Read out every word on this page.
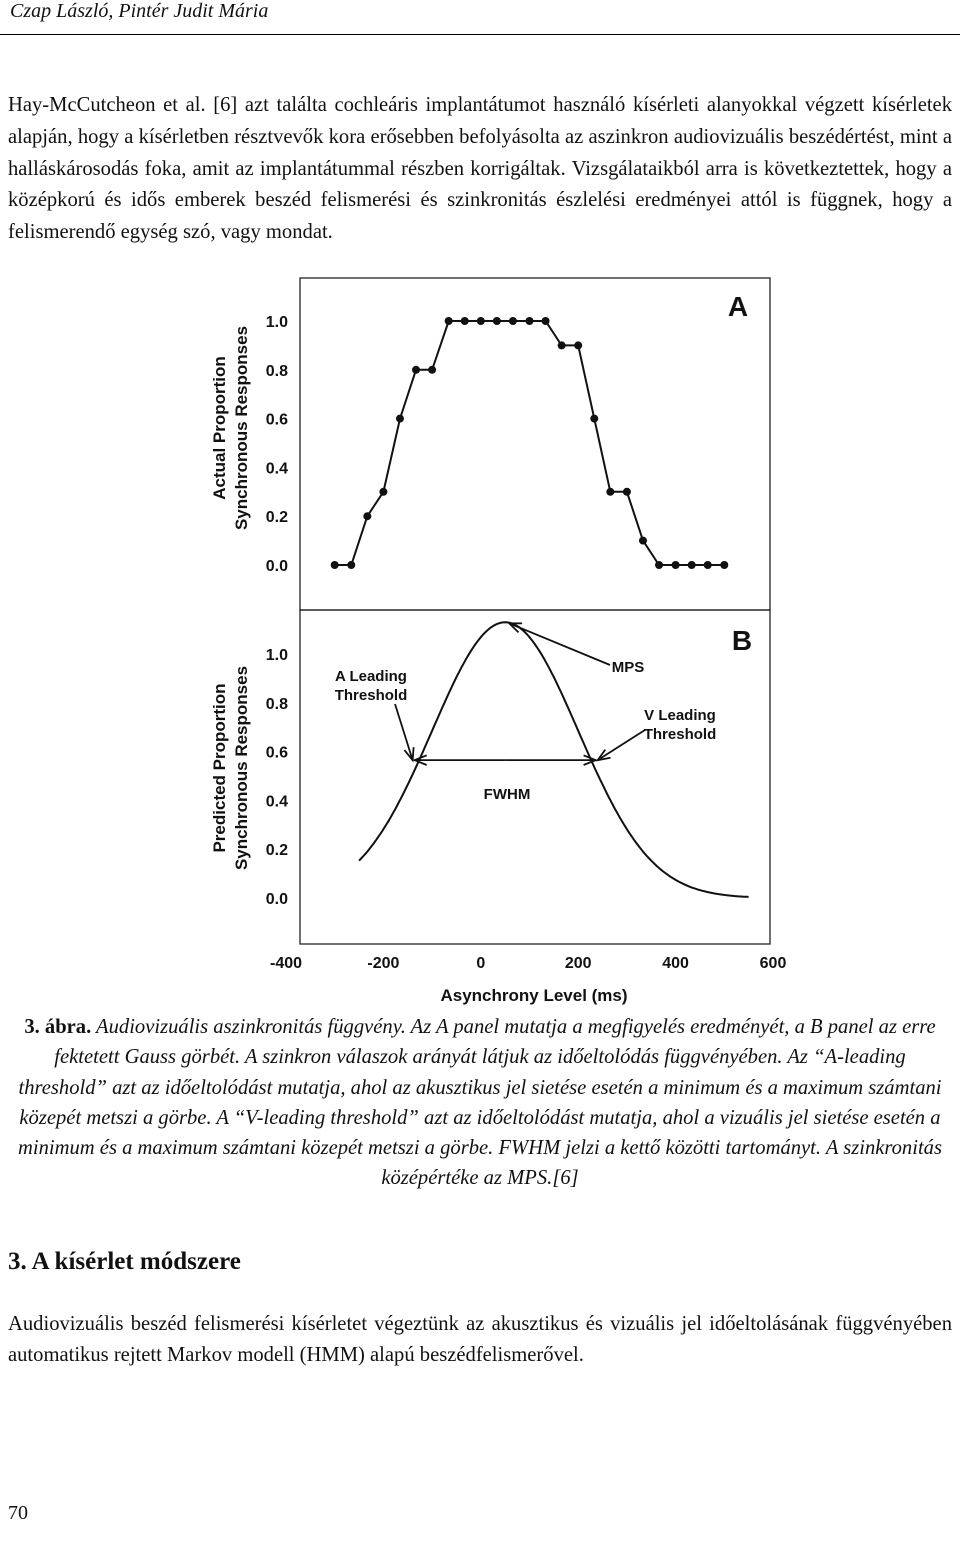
Czap László, Pintér Judit Mária

Hay-McCutcheon et al. [6] azt találta cochleáris implantátumot használó kísérleti alanyokkal végzett kísérletek alapján, hogy a kísérletben résztvevők kora erősebben befolyásolta az aszinkron audiovizuális beszédértést, mint a halláskárosodás foka, amit az implantátummal részben korrigáltak. Vizsgálataikból arra is következtettek, hogy a középkorú és idős emberek beszéd felismerési és szinkronitás észlelési eredményei attól is függnek, hogy a felismerendő egység szó, vagy mondat.

A
Actual Proportion Synchronous Responses
0.0
0.2
0.4
0.6
0.8
1.0
B
Predicted Proportion Synchronous Responses
0.0
0.2
0.4
0.6
0.8
1.0
-400	-200	0	200	400	600
A Leading
Threshold
V Leading
Threshold
MPS
FWHM
Asynchrony Level (ms)

3. ábra. Audiovizuális aszinkronitás függvény. Az A panel mutatja a megfigyelés eredményét, a B panel az erre fektetett Gauss görbét. A szinkron válaszok arányát látjuk az időeltolódás függvényében. Az “A-leading threshold” azt az időeltolódást mutatja, ahol az akusztikus jel sietése esetén a minimum és a maximum számtani közepét metszi a görbe. A “V-leading threshold” azt az időeltolódást mutatja, ahol a vizuális jel sietése esetén a minimum és a maximum számtani közepét metszi a görbe. FWHM jelzi a kettő közötti tartományt. A szinkronitás középértéke az MPS.[6]

3. A kísérlet módszere

Audiovizuális beszéd felismerési kísérletet végeztünk az akusztikus és vizuális jel időeltolásának függvényében automatikus rejtett Markov modell (HMM) alapú beszédfelismerővel.

70
